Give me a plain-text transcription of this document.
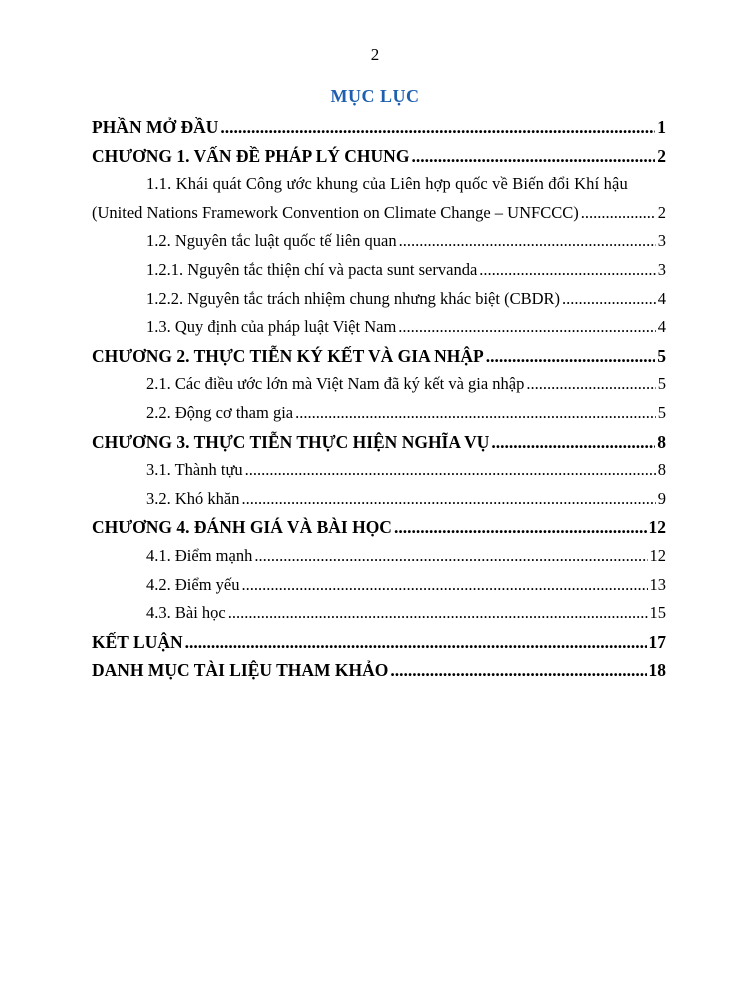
2
MỤC LỤC
PHẦN MỞ ĐẦU .....	1
CHƯƠNG 1. VẤN ĐỀ PHÁP LÝ CHUNG .....	2
1.1. Khái quát Công ước khung của Liên hợp quốc về Biến đổi Khí hậu
(United Nations Framework Convention on Climate Change – UNFCCC) .....	2
1.2. Nguyên tắc luật quốc tế liên quan .....	3
1.2.1. Nguyên tắc thiện chí và pacta sunt servanda .....	3
1.2.2. Nguyên tắc trách nhiệm chung nhưng khác biệt (CBDR) .....	4
1.3. Quy định của pháp luật Việt Nam .....	4
CHƯƠNG 2. THỰC TIỄN KÝ KẾT VÀ GIA NHẬP .....	5
2.1. Các điều ước lớn mà Việt Nam đã ký kết và gia nhập .....	5
2.2. Động cơ tham gia .....	5
CHƯƠNG 3. THỰC TIỄN THỰC HIỆN NGHĨA VỤ .....	8
3.1. Thành tựu .....	8
3.2. Khó khăn .....	9
CHƯƠNG 4. ĐÁNH GIÁ VÀ BÀI HỌC .....	12
4.1. Điểm mạnh .....	12
4.2. Điểm yếu .....	13
4.3. Bài học .....	15
KẾT LUẬN .....	17
DANH MỤC TÀI LIỆU THAM KHẢO .....	18
